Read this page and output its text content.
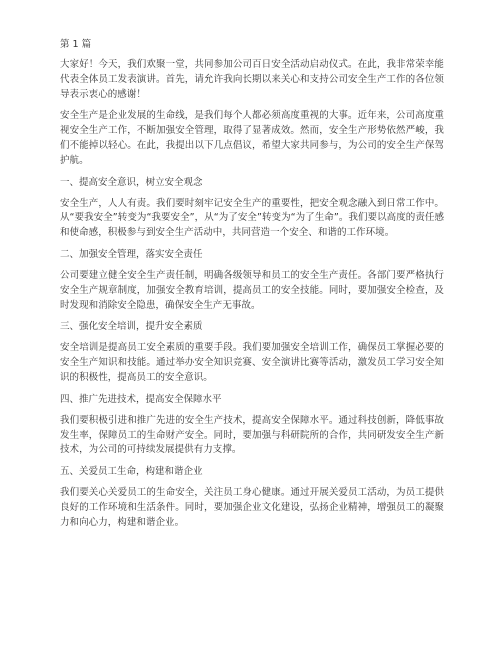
第 1 篇

大家好！今天，我们欢聚一堂，共同参加公司百日安全活动启动仪式。在此，我非常荣幸能代表全体员工发表演讲。首先，请允许我向长期以来关心和支持公司安全生产工作的各位领导表示衷心的感谢！

安全生产是企业发展的生命线，是我们每个人都必须高度重视的大事。近年来，公司高度重视安全生产工作，不断加强安全管理，取得了显著成效。然而，安全生产形势依然严峻，我们不能掉以轻心。在此，我提出以下几点倡议，希望大家共同参与，为公司的安全生产保驾护航。

一、提高安全意识，树立安全观念

安全生产，人人有责。我们要时刻牢记安全生产的重要性，把安全观念融入到日常工作中。从“要我安全”转变为“我要安全”，从“为了安全”转变为“为了生命”。我们要以高度的责任感和使命感，积极参与到安全生产活动中，共同营造一个安全、和谐的工作环境。

二、加强安全管理，落实安全责任

公司要建立健全安全生产责任制，明确各级领导和员工的安全生产责任。各部门要严格执行安全生产规章制度，加强安全教育培训，提高员工的安全技能。同时，要加强安全检查，及时发现和消除安全隐患，确保安全生产无事故。

三、强化安全培训，提升安全素质

安全培训是提高员工安全素质的重要手段。我们要加强安全培训工作，确保员工掌握必要的安全生产知识和技能。通过举办安全知识竞赛、安全演讲比赛等活动，激发员工学习安全知识的积极性，提高员工的安全意识。

四、推广先进技术，提高安全保障水平

我们要积极引进和推广先进的安全生产技术，提高安全保障水平。通过科技创新，降低事故发生率，保障员工的生命财产安全。同时，要加强与科研院所的合作，共同研发安全生产新技术，为公司的可持续发展提供有力支撑。

五、关爱员工生命，构建和谐企业

我们要关心关爱员工的生命安全，关注员工身心健康。通过开展关爱员工活动，为员工提供良好的工作环境和生活条件。同时，要加强企业文化建设，弘扬企业精神，增强员工的凝聚力和向心力，构建和谐企业。
